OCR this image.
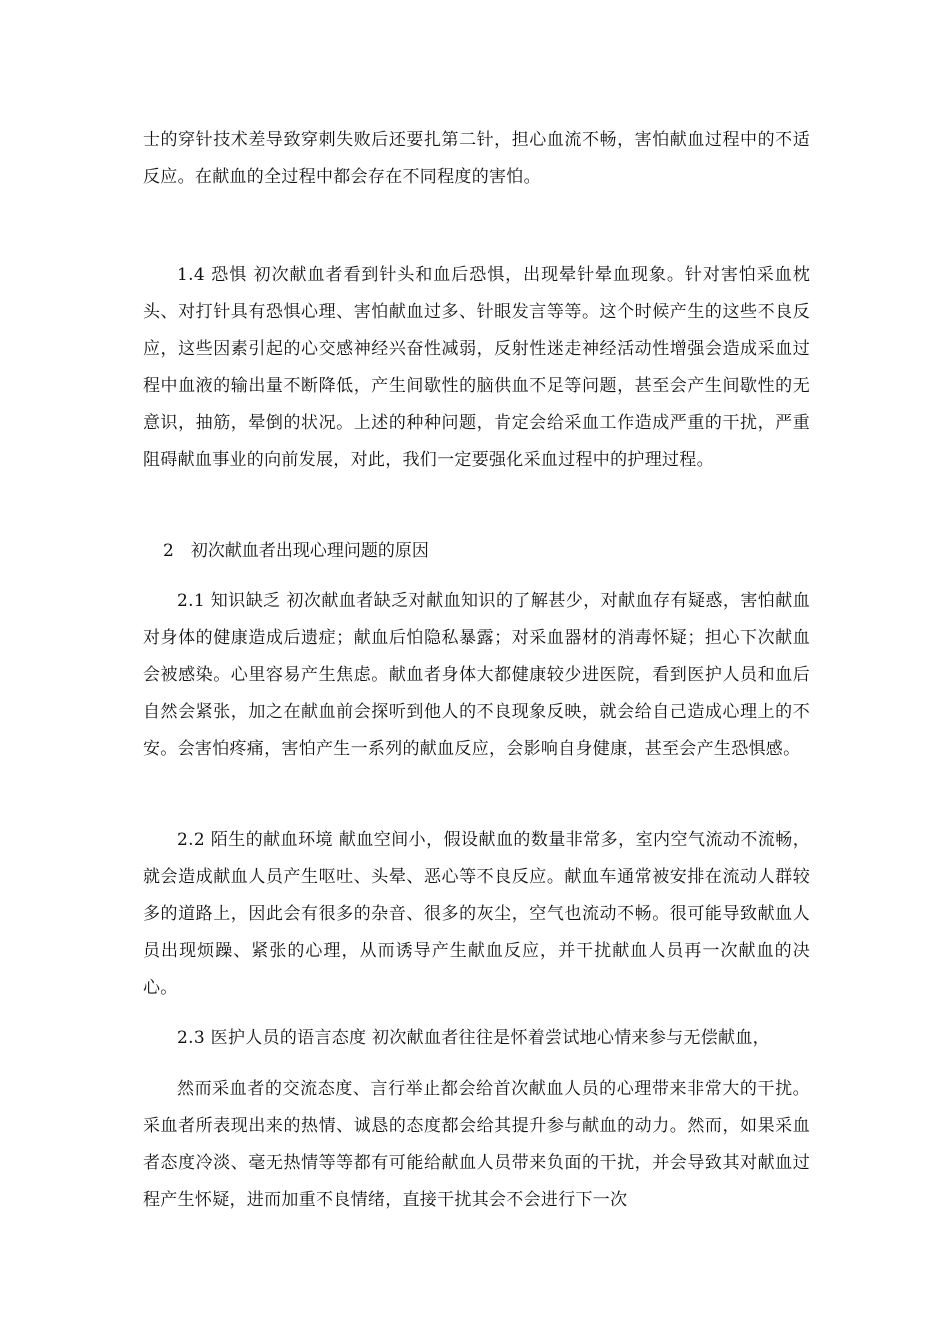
士的穿针技术差导致穿刺失败后还要扎第二针，担心血流不畅，害怕献血过程中的不适反应。在献血的全过程中都会存在不同程度的害怕。

1.4 恐惧 初次献血者看到针头和血后恐惧，出现晕针晕血现象。针对害怕采血枕头、对打针具有恐惧心理、害怕献血过多、针眼发言等等。这个时候产生的这些不良反应，这些因素引起的心交感神经兴奋性减弱，反射性迷走神经活动性增强会造成采血过程中血液的输出量不断降低，产生间歇性的脑供血不足等问题，甚至会产生间歇性的无意识，抽筋，晕倒的状况。上述的种种问题，肯定会给采血工作造成严重的干扰，严重阻碍献血事业的向前发展，对此，我们一定要强化采血过程中的护理过程。

2　初次献血者出现心理问题的原因

2.1 知识缺乏 初次献血者缺乏对献血知识的了解甚少，对献血存有疑惑，害怕献血对身体的健康造成后遗症；献血后怕隐私暴露；对采血器材的消毒怀疑；担心下次献血会被感染。心里容易产生焦虑。献血者身体大都健康较少进医院，看到医护人员和血后自然会紧张，加之在献血前会探听到他人的不良现象反映，就会给自己造成心理上的不安。会害怕疼痛，害怕产生一系列的献血反应，会影响自身健康，甚至会产生恐惧感。

2.2 陌生的献血环境 献血空间小，假设献血的数量非常多，室内空气流动不流畅，就会造成献血人员产生呕吐、头晕、恶心等不良反应。献血车通常被安排在流动人群较多的道路上，因此会有很多的杂音、很多的灰尘，空气也流动不畅。很可能导致献血人员出现烦躁、紧张的心理，从而诱导产生献血反应，并干扰献血人员再一次献血的决心。

2.3 医护人员的语言态度 初次献血者往往是怀着尝试地心情来参与无偿献血，

然而采血者的交流态度、言行举止都会给首次献血人员的心理带来非常大的干扰。采血者所表现出来的热情、诚恳的态度都会给其提升参与献血的动力。然而，如果采血者态度冷淡、毫无热情等等都有可能给献血人员带来负面的干扰，并会导致其对献血过程产生怀疑，进而加重不良情绪，直接干扰其会不会进行下一次
